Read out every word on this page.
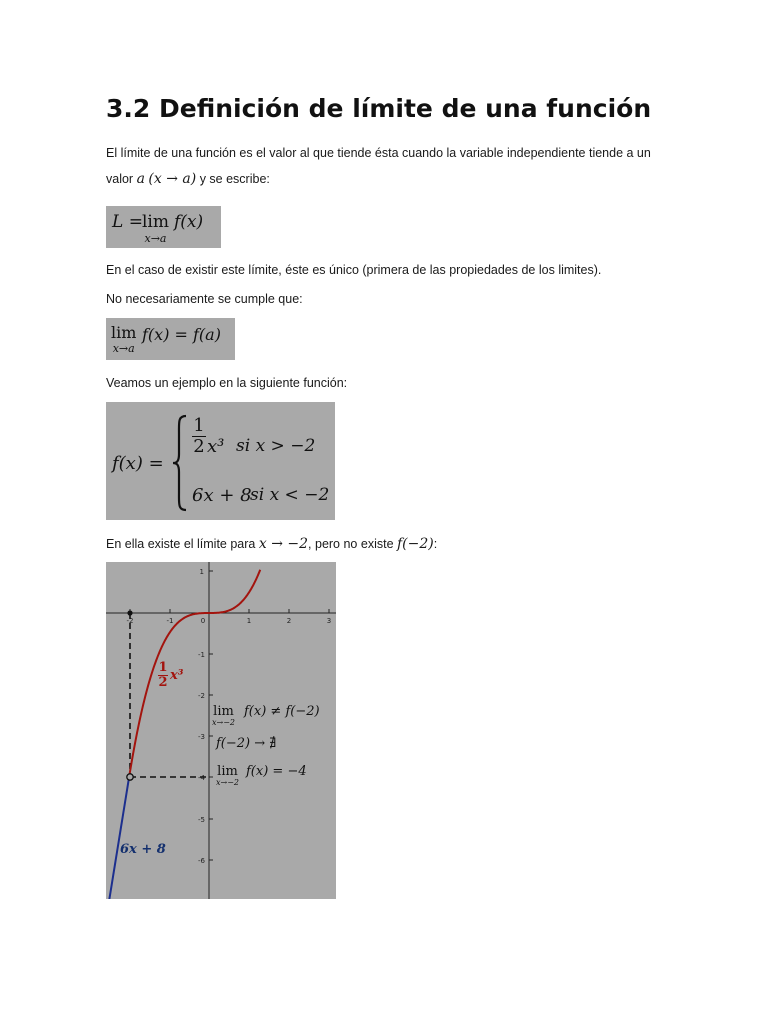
3.2 Definición de límite de una función

El límite de una función es el valor al que tiende ésta cuando la variable independiente tiende a un

valor a (x → a) y se escribe:

L = lim
x→a
f(x)

En el caso de existir este límite, éste es único (primera de las propiedades de los limites).

No necesariamente se cumple que:

lim
x→a
f(x) = f(a)

Veamos un ejemplo en la siguiente función:

f(x) =
$\frac{1}{2} x^3$ si x > −2
6x + 8
si x < −2

En ella existe el límite para x → −2, pero no existe f(−2):

-2	-1	0	1	2	3
1
-1
-2
-3
-4
-5
-6
$\frac{1}{2} x^3$
6x + 8
lim
x→−2
f(x) ≠ f(−2)
f(−2) → ∄
lim
x→−2
f(x) = −4
